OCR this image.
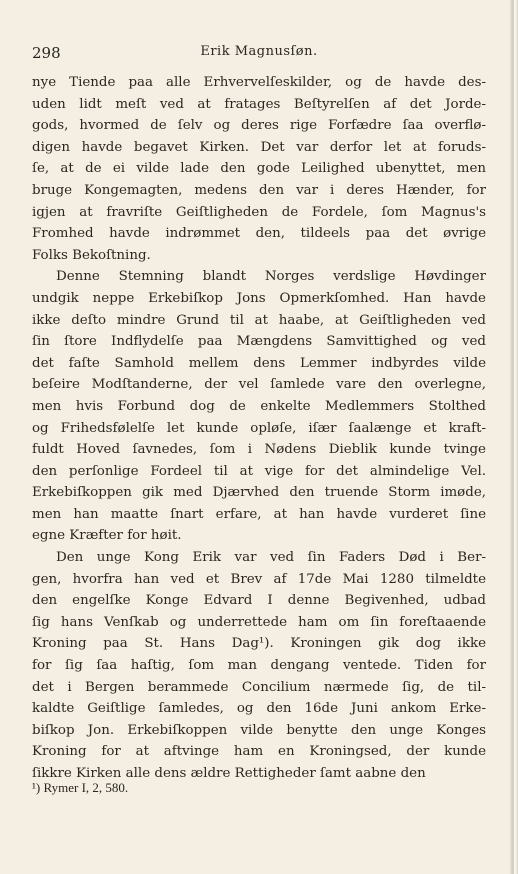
298	Erik Magnusſøn.
nye Tiende paa alle Erhvervelſeskilder, og de havde des-
uden lidt meſt ved at fratages Beſtyrelſen af det Jorde-
gods, hvormed de ſelv og deres rige Forfædre ſaa overflø-
digen havde begavet Kirken. Det var derfor let at foruds-
ſe, at de ei vilde lade den gode Leilighed ubenyttet, men
bruge Kongemagten, medens den var i deres Hænder, for
igjen at fravriſte Geiſtligheden de Fordele, ſom Magnus's
Fromhed havde indrømmet den, tildeels paa det øvrige
Folks Bekoſtning.
Denne Stemning blandt Norges verdslige Høvdinger
undgik neppe Erkebiſkop Jons Opmerkſomhed. Han havde
ikke deſto mindre Grund til at haabe, at Geiſtligheden ved
ſin ſtore Indflydelſe paa Mængdens Samvittighed og ved
det faſte Samhold mellem dens Lemmer indbyrdes vilde
beſeire Modſtanderne, der vel ſamlede vare den overlegne,
men hvis Forbund dog de enkelte Medlemmers Stolthed
og Frihedsfølelſe let kunde opløſe, iſær ſaalænge et kraft-
fuldt Hoved ſavnedes, ſom i Nødens Dieblik kunde tvinge
den perſonlige Fordeel til at vige for det almindelige Vel.
Erkebiſkoppen gik med Djærvhed den truende Storm imøde,
men han maatte ſnart erfare, at han havde vurderet ſine
egne Kræfter for høit.
Den unge Kong Erik var ved ſin Faders Død i Ber-
gen, hvorfra han ved et Brev af 17de Mai 1280 tilmeldte
den engelſke Konge Edvard I denne Begivenhed, udbad
ſig hans Venſkab og underrettede ham om ſin foreſtaaende
Kroning paa St. Hans Dag¹). Kroningen gik dog ikke
for ſig ſaa haſtig, ſom man dengang ventede. Tiden for
det i Bergen berammede Concilium nærmede ſig, de til-
kaldte Geiſtlige ſamledes, og den 16de Juni ankom Erke-
biſkop Jon. Erkebiſkoppen vilde benytte den unge Konges
Kroning for at aftvinge ham en Kroningsed, der kunde
ſikkre Kirken alle dens ældre Rettigheder ſamt aabne den
¹) Rymer I, 2, 580.
